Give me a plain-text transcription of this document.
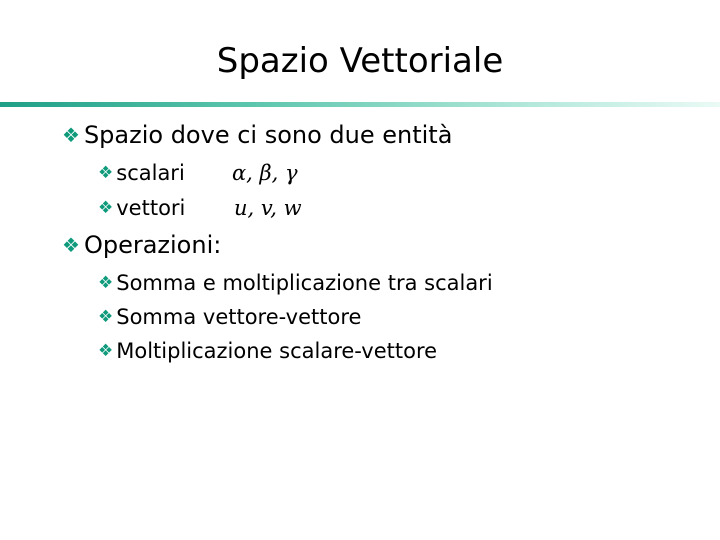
Spazio Vettoriale
❖ Spazio dove ci sono due entità
❖ scalari α, β, γ
❖ vettori u, v, w
❖ Operazioni:
❖ Somma e moltiplicazione tra scalari
❖ Somma vettore-vettore
❖ Moltiplicazione scalare-vettore
